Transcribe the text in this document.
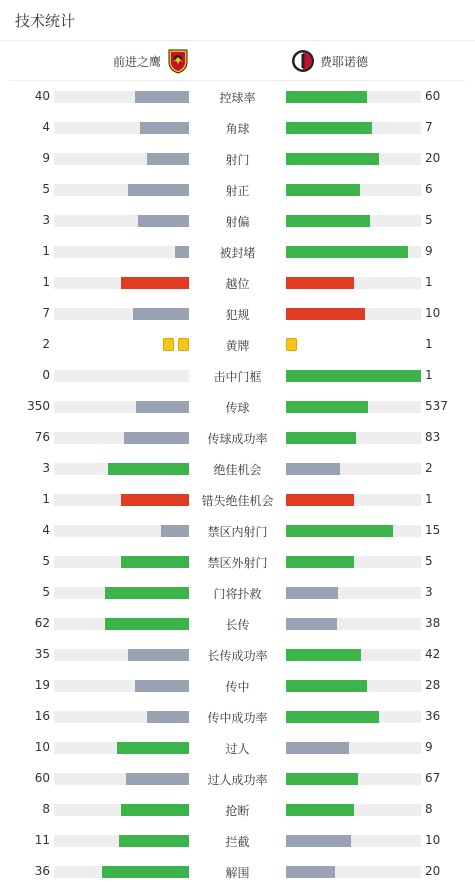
技术统计
前进之鹰	费耶诺德
40	控球率	60
4	角球	7
9	射门	20
5	射正	6
3	射偏	5
1	被封堵	9
1	越位	1
7	犯规	10
2	黄牌	1
0	击中门框	1
350	传球	537
76	传球成功率	83
3	绝佳机会	2
1	错失绝佳机会	1
4	禁区内射门	15
5	禁区外射门	5
5	门将扑救	3
62	长传	38
35	长传成功率	42
19	传中	28
16	传中成功率	36
10	过人	9
60	过人成功率	67
8	抢断	8
11	拦截	10
36	解围	20
